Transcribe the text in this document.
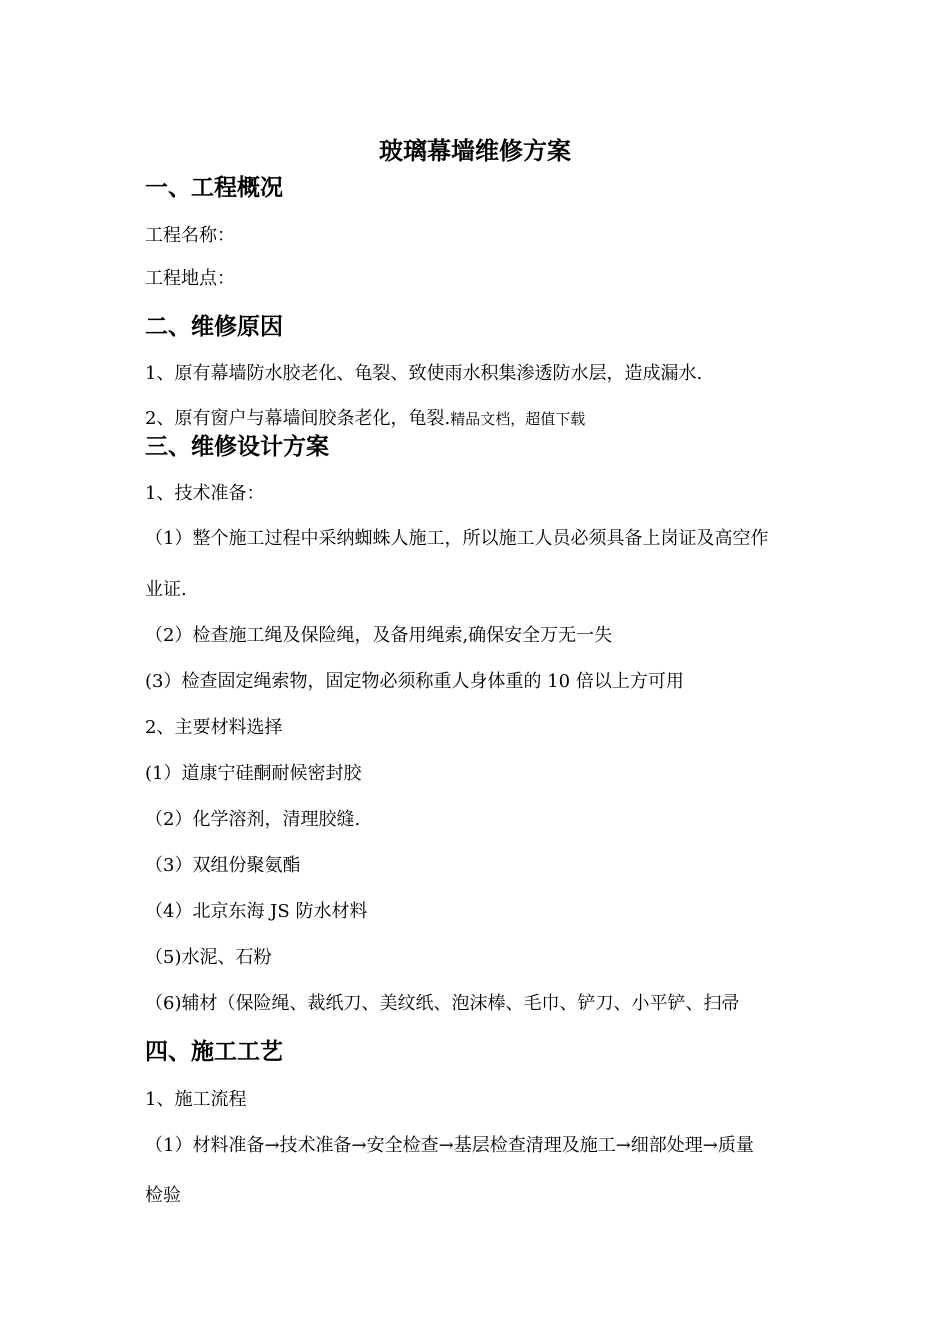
玻璃幕墙维修方案
一、工程概况
工程名称：
工程地点：
二、维修原因
1、原有幕墙防水胶老化、龟裂、致使雨水积集渗透防水层，造成漏水.
2、原有窗户与幕墙间胶条老化，龟裂.精品文档，超值下载
三、维修设计方案
1、技术准备：
（1）整个施工过程中采纳蜘蛛人施工，所以施工人员必须具备上岗证及高空作
业证.
（2）检查施工绳及保险绳，及备用绳索,确保安全万无一失
(3）检查固定绳索物，固定物必须称重人身体重的 10 倍以上方可用
2、主要材料选择
(1）道康宁硅酮耐候密封胶
（2）化学溶剂，清理胶缝.
（3）双组份聚氨酯
（4）北京东海 JS 防水材料
（5)水泥、石粉
（6)辅材（保险绳、裁纸刀、美纹纸、泡沫棒、毛巾、铲刀、小平铲、扫帚
四、施工工艺
1、施工流程
（1）材料准备→技术准备→安全检查→基层检查清理及施工→细部处理→质量
检验
